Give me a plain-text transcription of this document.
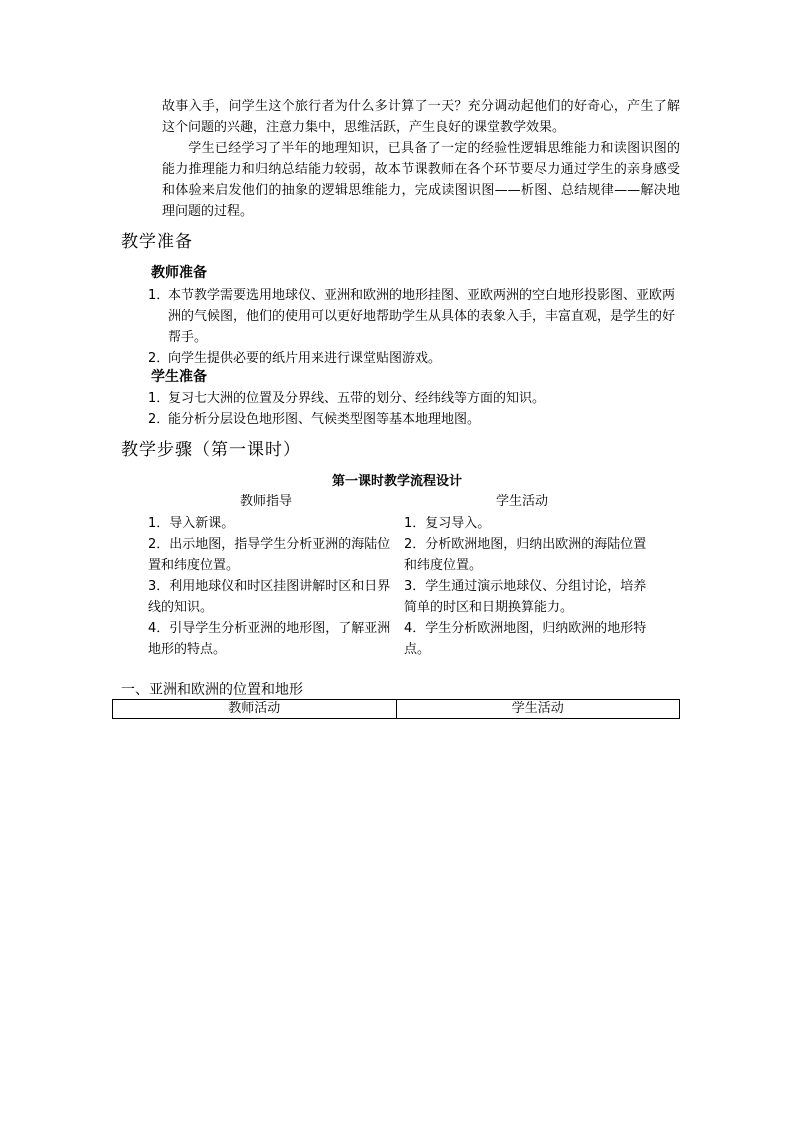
故事入手，问学生这个旅行者为什么多计算了一天？充分调动起他们的好奇心，产生了解这个问题的兴趣，注意力集中，思维活跃，产生良好的课堂教学效果。

学生已经学习了半年的地理知识，已具备了一定的经验性逻辑思维能力和读图识图的能力推理能力和归纳总结能力较弱，故本节课教师在各个环节要尽力通过学生的亲身感受和体验来启发他们的抽象的逻辑思维能力，完成读图识图——析图、总结规律——解决地理问题的过程。

教学准备
教师准备
1．
本节教学需要选用地球仪、亚洲和欧洲的地形挂图、亚欧两洲的空白地形投影图、亚欧两洲的气候图，他们的使用可以更好地帮助学生从具体的表象入手，丰富直观，是学生的好帮手。
2．向学生提供必要的纸片用来进行课堂贴图游戏。
学生准备
1．复习七大洲的位置及分界线、五带的划分、经纬线等方面的知识。
2．能分析分层设色地形图、气候类型图等基本地理地图。
教学步骤（第一课时）
第一课时教学流程设计
教师指导	学生活动
1．导入新课。
2．出示地图，指导学生分析亚洲的海陆位置和纬度位置。
3．利用地球仪和时区挂图讲解时区和日界线的知识。
4．引导学生分析亚洲的地形图，了解亚洲地形的特点。
1．复习导入。
2．分析欧洲地图，归纳出欧洲的海陆位置和纬度位置。
3．学生通过演示地球仪、分组讨论，培养简单的时区和日期换算能力。
4．学生分析欧洲地图，归纳欧洲的地形特点。
一、亚洲和欧洲的位置和地形
教师活动	学生活动
